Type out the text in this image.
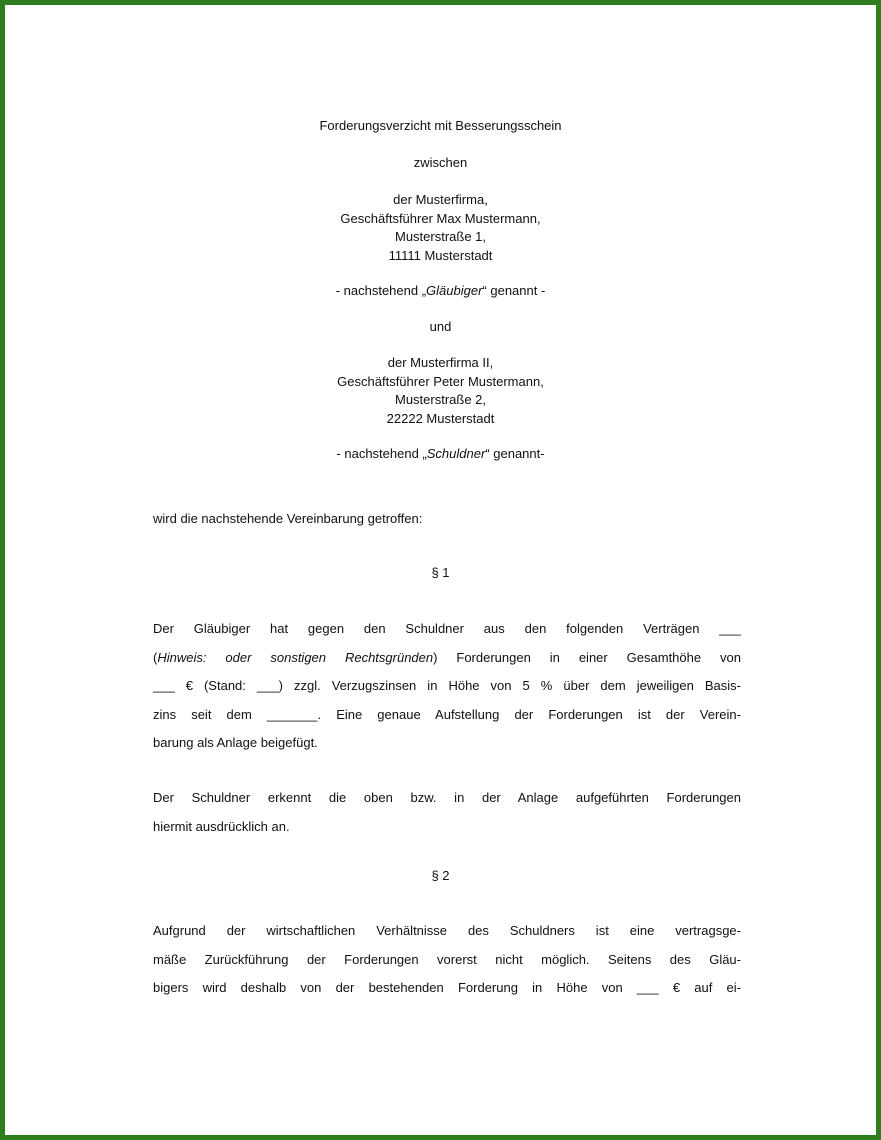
Forderungsverzicht mit Besserungsschein
zwischen
der Musterfirma,
Geschäftsführer Max Mustermann,
Musterstraße 1,
11111 Musterstadt
- nachstehend „Gläubiger“ genannt -
und
der Musterfirma II,
Geschäftsführer Peter Mustermann,
Musterstraße 2,
22222 Musterstadt
- nachstehend „Schuldner“ genannt-
wird die nachstehende Vereinbarung getroffen:
§ 1
Der Gläubiger hat gegen den Schuldner aus den folgenden Verträgen ___
(Hinweis: oder sonstigen Rechtsgründen) Forderungen in einer Gesamthöhe von
___ € (Stand: ___) zzgl. Verzugszinsen in Höhe von 5 % über dem jeweiligen Basis-
zins seit dem _______. Eine genaue Aufstellung der Forderungen ist der Verein-
barung als Anlage beigefügt.
Der Schuldner erkennt die oben bzw. in der Anlage aufgeführten Forderungen
hiermit ausdrücklich an.
§ 2
Aufgrund der wirtschaftlichen Verhältnisse des Schuldners ist eine vertragsge-
mäße Zurückführung der Forderungen vorerst nicht möglich. Seitens des Gläu-
bigers wird deshalb von der bestehenden Forderung in Höhe von ___ € auf ei-
